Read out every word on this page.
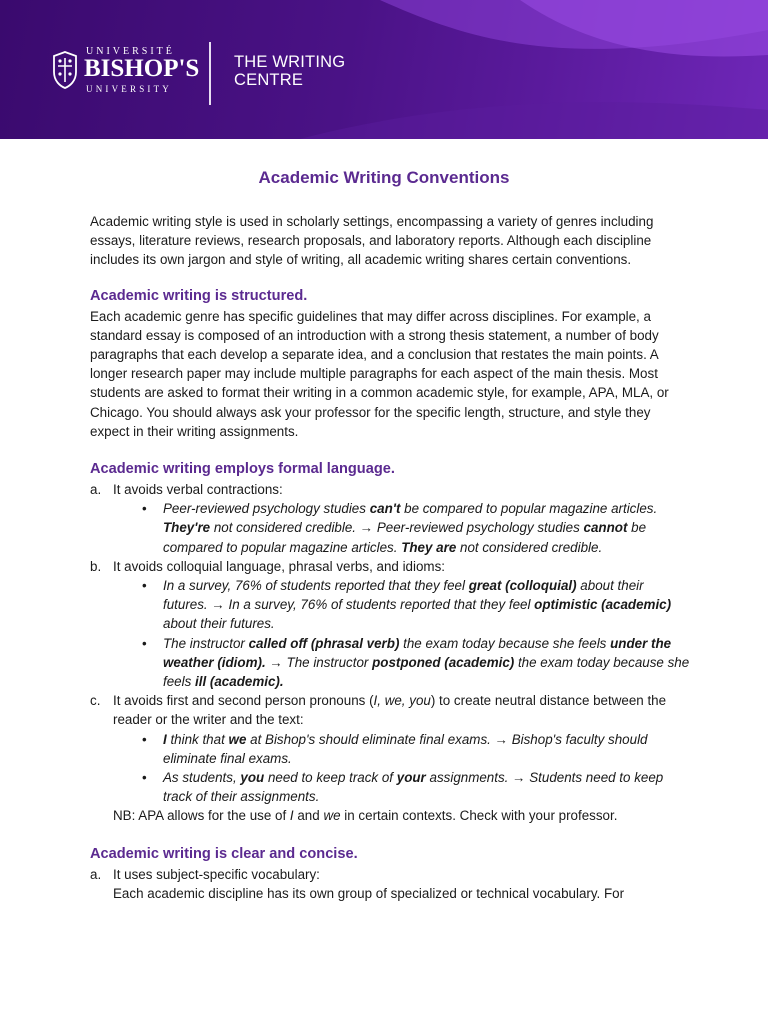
UNIVERSITÉ
BISHOP'S
UNIVERSITY
THE WRITING
CENTRE
Academic Writing Conventions

Academic writing style is used in scholarly settings, encompassing a variety of genres including essays, literature reviews, research proposals, and laboratory reports. Although each discipline includes its own jargon and style of writing, all academic writing shares certain conventions.

Academic writing is structured.

Each academic genre has specific guidelines that may differ across disciplines. For example, a standard essay is composed of an introduction with a strong thesis statement, a number of body paragraphs that each develop a separate idea, and a conclusion that restates the main points. A longer research paper may include multiple paragraphs for each aspect of the main thesis. Most students are asked to format their writing in a common academic style, for example, APA, MLA, or Chicago. You should always ask your professor for the specific length, structure, and style they expect in their writing assignments.

Academic writing employs formal language.
a. It avoids verbal contractions:
•	Peer-reviewed psychology studies can't be compared to popular magazine articles. They're not considered credible. → Peer-reviewed psychology studies cannot be compared to popular magazine articles. They are not considered credible.
b. It avoids colloquial language, phrasal verbs, and idioms:
•	In a survey, 76% of students reported that they feel great (colloquial) about their futures. → In a survey, 76% of students reported that they feel optimistic (academic) about their futures.
•	The instructor called off (phrasal verb) the exam today because she feels under the weather (idiom). → The instructor postponed (academic) the exam today because she feels ill (academic).
c. It avoids first and second person pronouns (I, we, you) to create neutral distance between the reader or the writer and the text:
•	I think that we at Bishop's should eliminate final exams. → Bishop's faculty should eliminate final exams.
•	As students, you need to keep track of your assignments. → Students need to keep track of their assignments.

NB: APA allows for the use of I and we in certain contexts. Check with your professor.

Academic writing is clear and concise.
a. It uses subject-specific vocabulary:

Each academic discipline has its own group of specialized or technical vocabulary. For
